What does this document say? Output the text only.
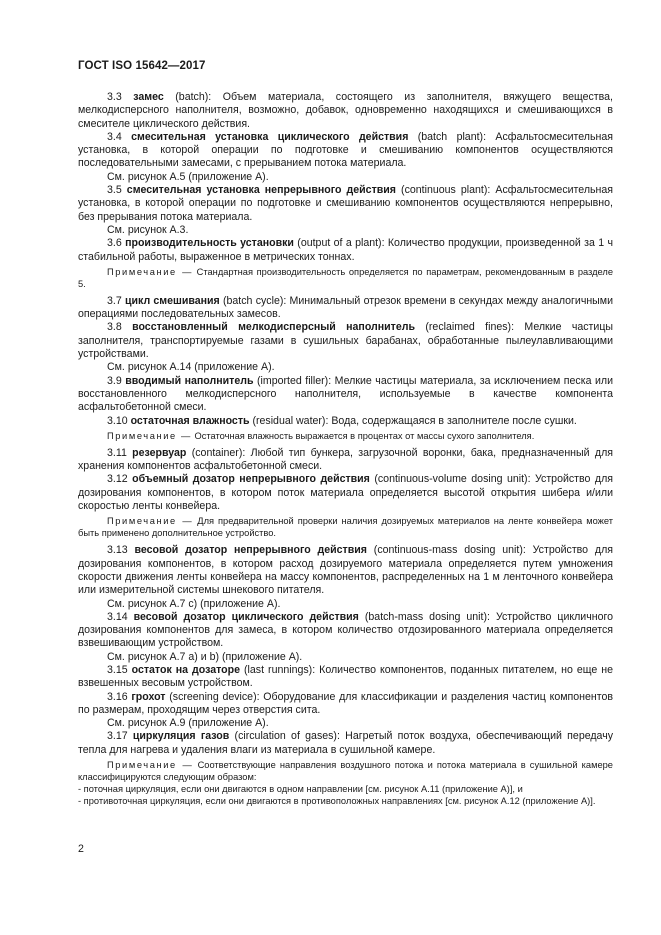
ГОСТ ISO 15642—2017

3.3 замес (batch): Объем материала, состоящего из заполнителя, вяжущего вещества, мелкодисперсного наполнителя, возможно, добавок, одновременно находящихся и смешивающихся в смесителе циклического действия.

3.4 смесительная установка циклического действия (batch plant): Асфальтосмесительная установка, в которой операции по подготовке и смешиванию компонентов осуществляются последовательными замесами, с прерыванием потока материала.

См. рисунок А.5 (приложение А).

3.5 смесительная установка непрерывного действия (continuous plant): Асфальтосмесительная установка, в которой операции по подготовке и смешиванию компонентов осуществляются непрерывно, без прерывания потока материала.

См. рисунок А.3.

3.6 производительность установки (output of a plant): Количество продукции, произведенной за 1 ч стабильной работы, выраженное в метрических тоннах.

Примечание — Стандартная производительность определяется по параметрам, рекомендованным в разделе 5.

3.7 цикл смешивания (batch cycle): Минимальный отрезок времени в секундах между аналогичными операциями последовательных замесов.

3.8 восстановленный мелкодисперсный наполнитель (reclaimed fines): Мелкие частицы заполнителя, транспортируемые газами в сушильных барабанах, обработанные пылеулавливающими устройствами.

См. рисунок А.14 (приложение А).

3.9 вводимый наполнитель (imported filler): Мелкие частицы материала, за исключением песка или восстановленного мелкодисперсного наполнителя, используемые в качестве компонента асфальтобетонной смеси.

3.10 остаточная влажность (residual water): Вода, содержащаяся в заполнителе после сушки.

Примечание — Остаточная влажность выражается в процентах от массы сухого заполнителя.

3.11 резервуар (container): Любой тип бункера, загрузочной воронки, бака, предназначенный для хранения компонентов асфальтобетонной смеси.

3.12 объемный дозатор непрерывного действия (continuous-volume dosing unit): Устройство для дозирования компонентов, в котором поток материала определяется высотой открытия шибера и/или скоростью ленты конвейера.

Примечание — Для предварительной проверки наличия дозируемых материалов на ленте конвейера может быть применено дополнительное устройство.

3.13 весовой дозатор непрерывного действия (continuous-mass dosing unit): Устройство для дозирования компонентов, в котором расход дозируемого материала определяется путем умножения скорости движения ленты конвейера на массу компонентов, распределенных на 1 м ленточного конвейера или измерительной системы шнекового питателя.

См. рисунок А.7 с) (приложение А).

3.14 весовой дозатор циклического действия (batch-mass dosing unit): Устройство цикличного дозирования компонентов для замеса, в котором количество отдозированного материала определяется взвешивающим устройством.

См. рисунок А.7 а) и b) (приложение А).

3.15 остаток на дозаторе (last runnings): Количество компонентов, поданных питателем, но еще не взвешенных весовым устройством.

3.16 грохот (screening device): Оборудование для классификации и разделения частиц компонентов по размерам, проходящим через отверстия сита.

См. рисунок А.9 (приложение А).

3.17 циркуляция газов (circulation of gases): Нагретый поток воздуха, обеспечивающий передачу тепла для нагрева и удаления влаги из материала в сушильной камере.

Примечание — Соответствующие направления воздушного потока и потока материала в сушильной камере классифицируются следующим образом:

- поточная циркуляция, если они двигаются в одном направлении [см. рисунок А.11 (приложение А)], и

- противоточная циркуляция, если они двигаются в противоположных направлениях [см. рисунок А.12 (приложение А)].

2
